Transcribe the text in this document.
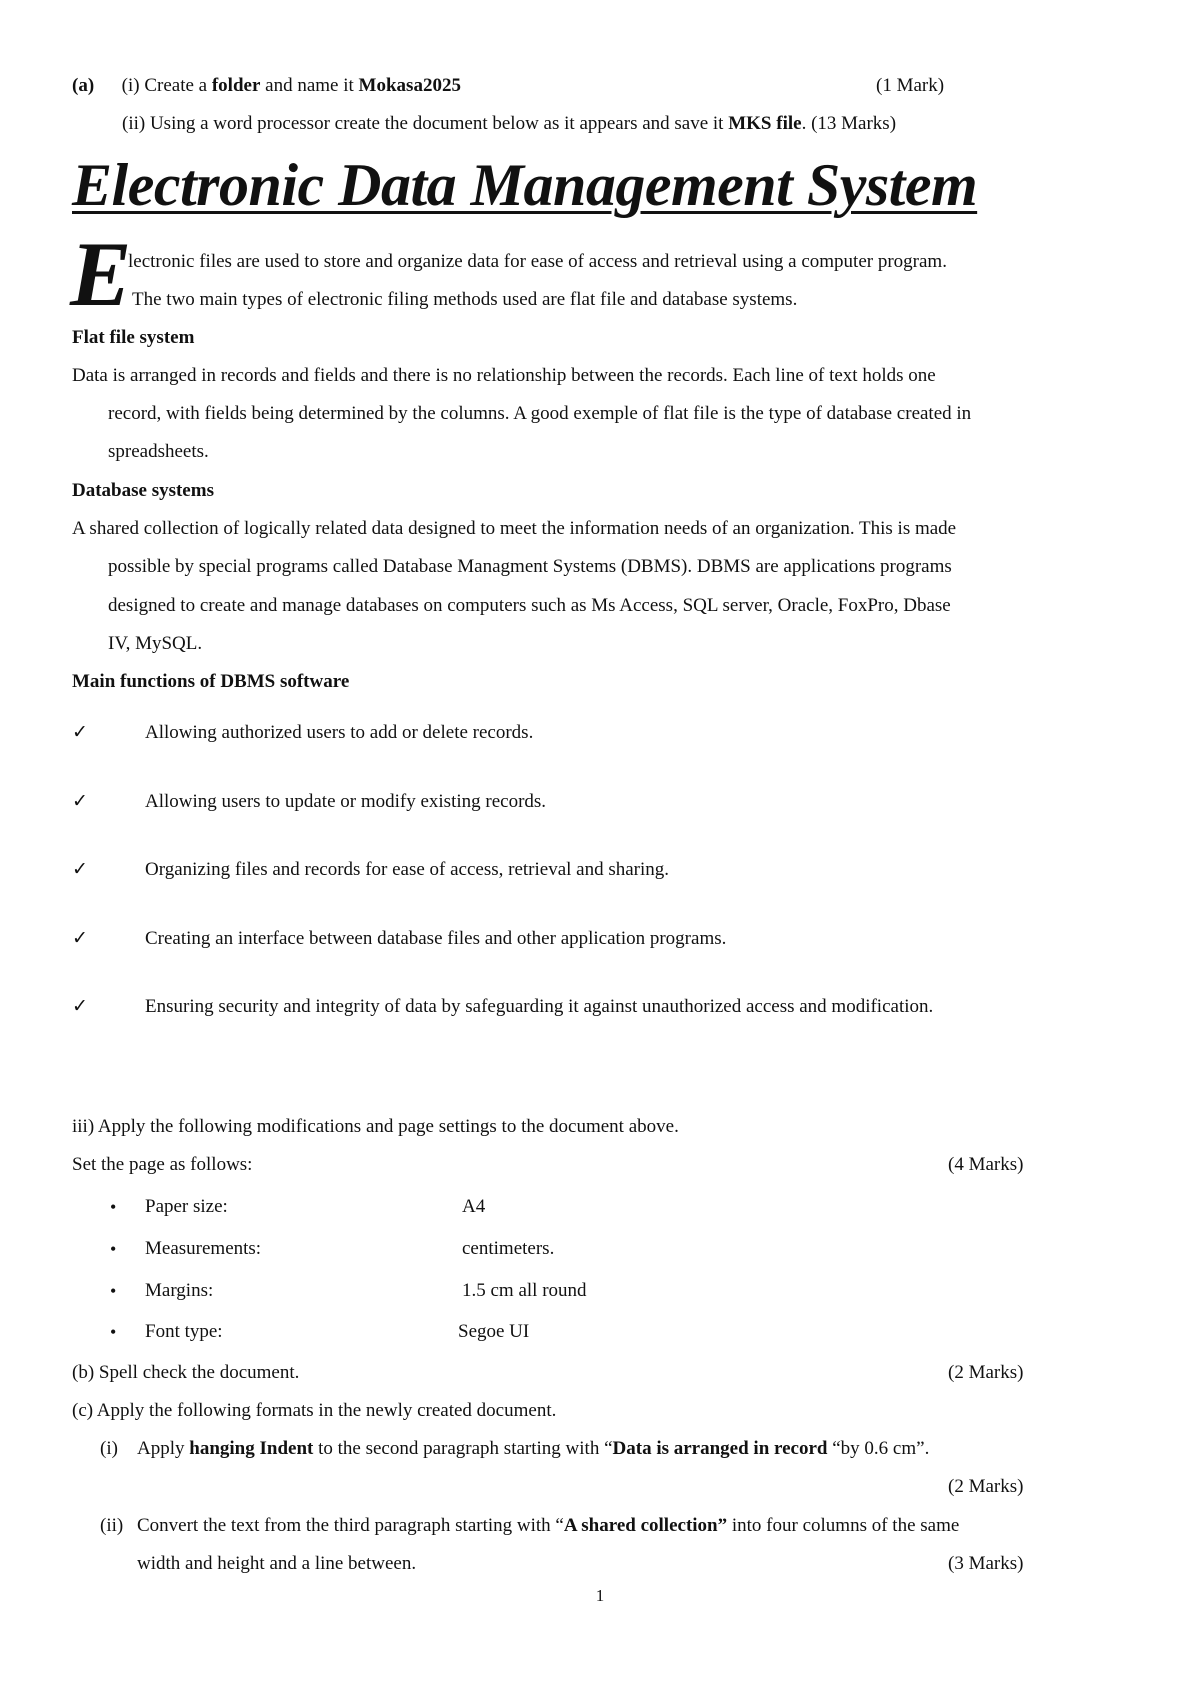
(a) (i) Create a folder and name it Mokasa2025	(1 Mark)
(ii) Using a word processor create the document below as it appears and save it MKS file. (13 Marks)
Electronic Data Management System
E
lectronic files are used to store and organize data for ease of access and retrieval using a computer program.
The two main types of electronic filing methods used are flat file and database systems.
Flat file system
Data is arranged in records and fields and there is no relationship between the records. Each line of text holds one
record, with fields being determined by the columns. A good exemple of flat file is the type of database created in
spreadsheets.
Database systems
A shared collection of logically related data designed to meet the information needs of an organization. This is made
possible by special programs called Database Managment Systems (DBMS). DBMS are applications programs
designed to create and manage databases on computers such as Ms Access, SQL server, Oracle, FoxPro, Dbase
IV, MySQL.
Main functions of DBMS software
✓	Allowing authorized users to add or delete records.
✓	Allowing users to update or modify existing records.
✓	Organizing files and records for ease of access, retrieval and sharing.
✓	Creating an interface between database files and other application programs.
✓	Ensuring security and integrity of data by safeguarding it against unauthorized access and modification.
iii) Apply the following modifications and page settings to the document above.
Set the page as follows:	(4 Marks)
• Paper size:	A4
• Measurements:	centimeters.
• Margins:	1.5 cm all round
• Font type:	Segoe UI
(b) Spell check the document.	(2 Marks)
(c) Apply the following formats in the newly created document.
(i) Apply hanging Indent to the second paragraph starting with “Data is arranged in record “by 0.6 cm”.
(2 Marks)
(ii) Convert the text from the third paragraph starting with “A shared collection” into four columns of the same
width and height and a line between.	(3 Marks)
1
